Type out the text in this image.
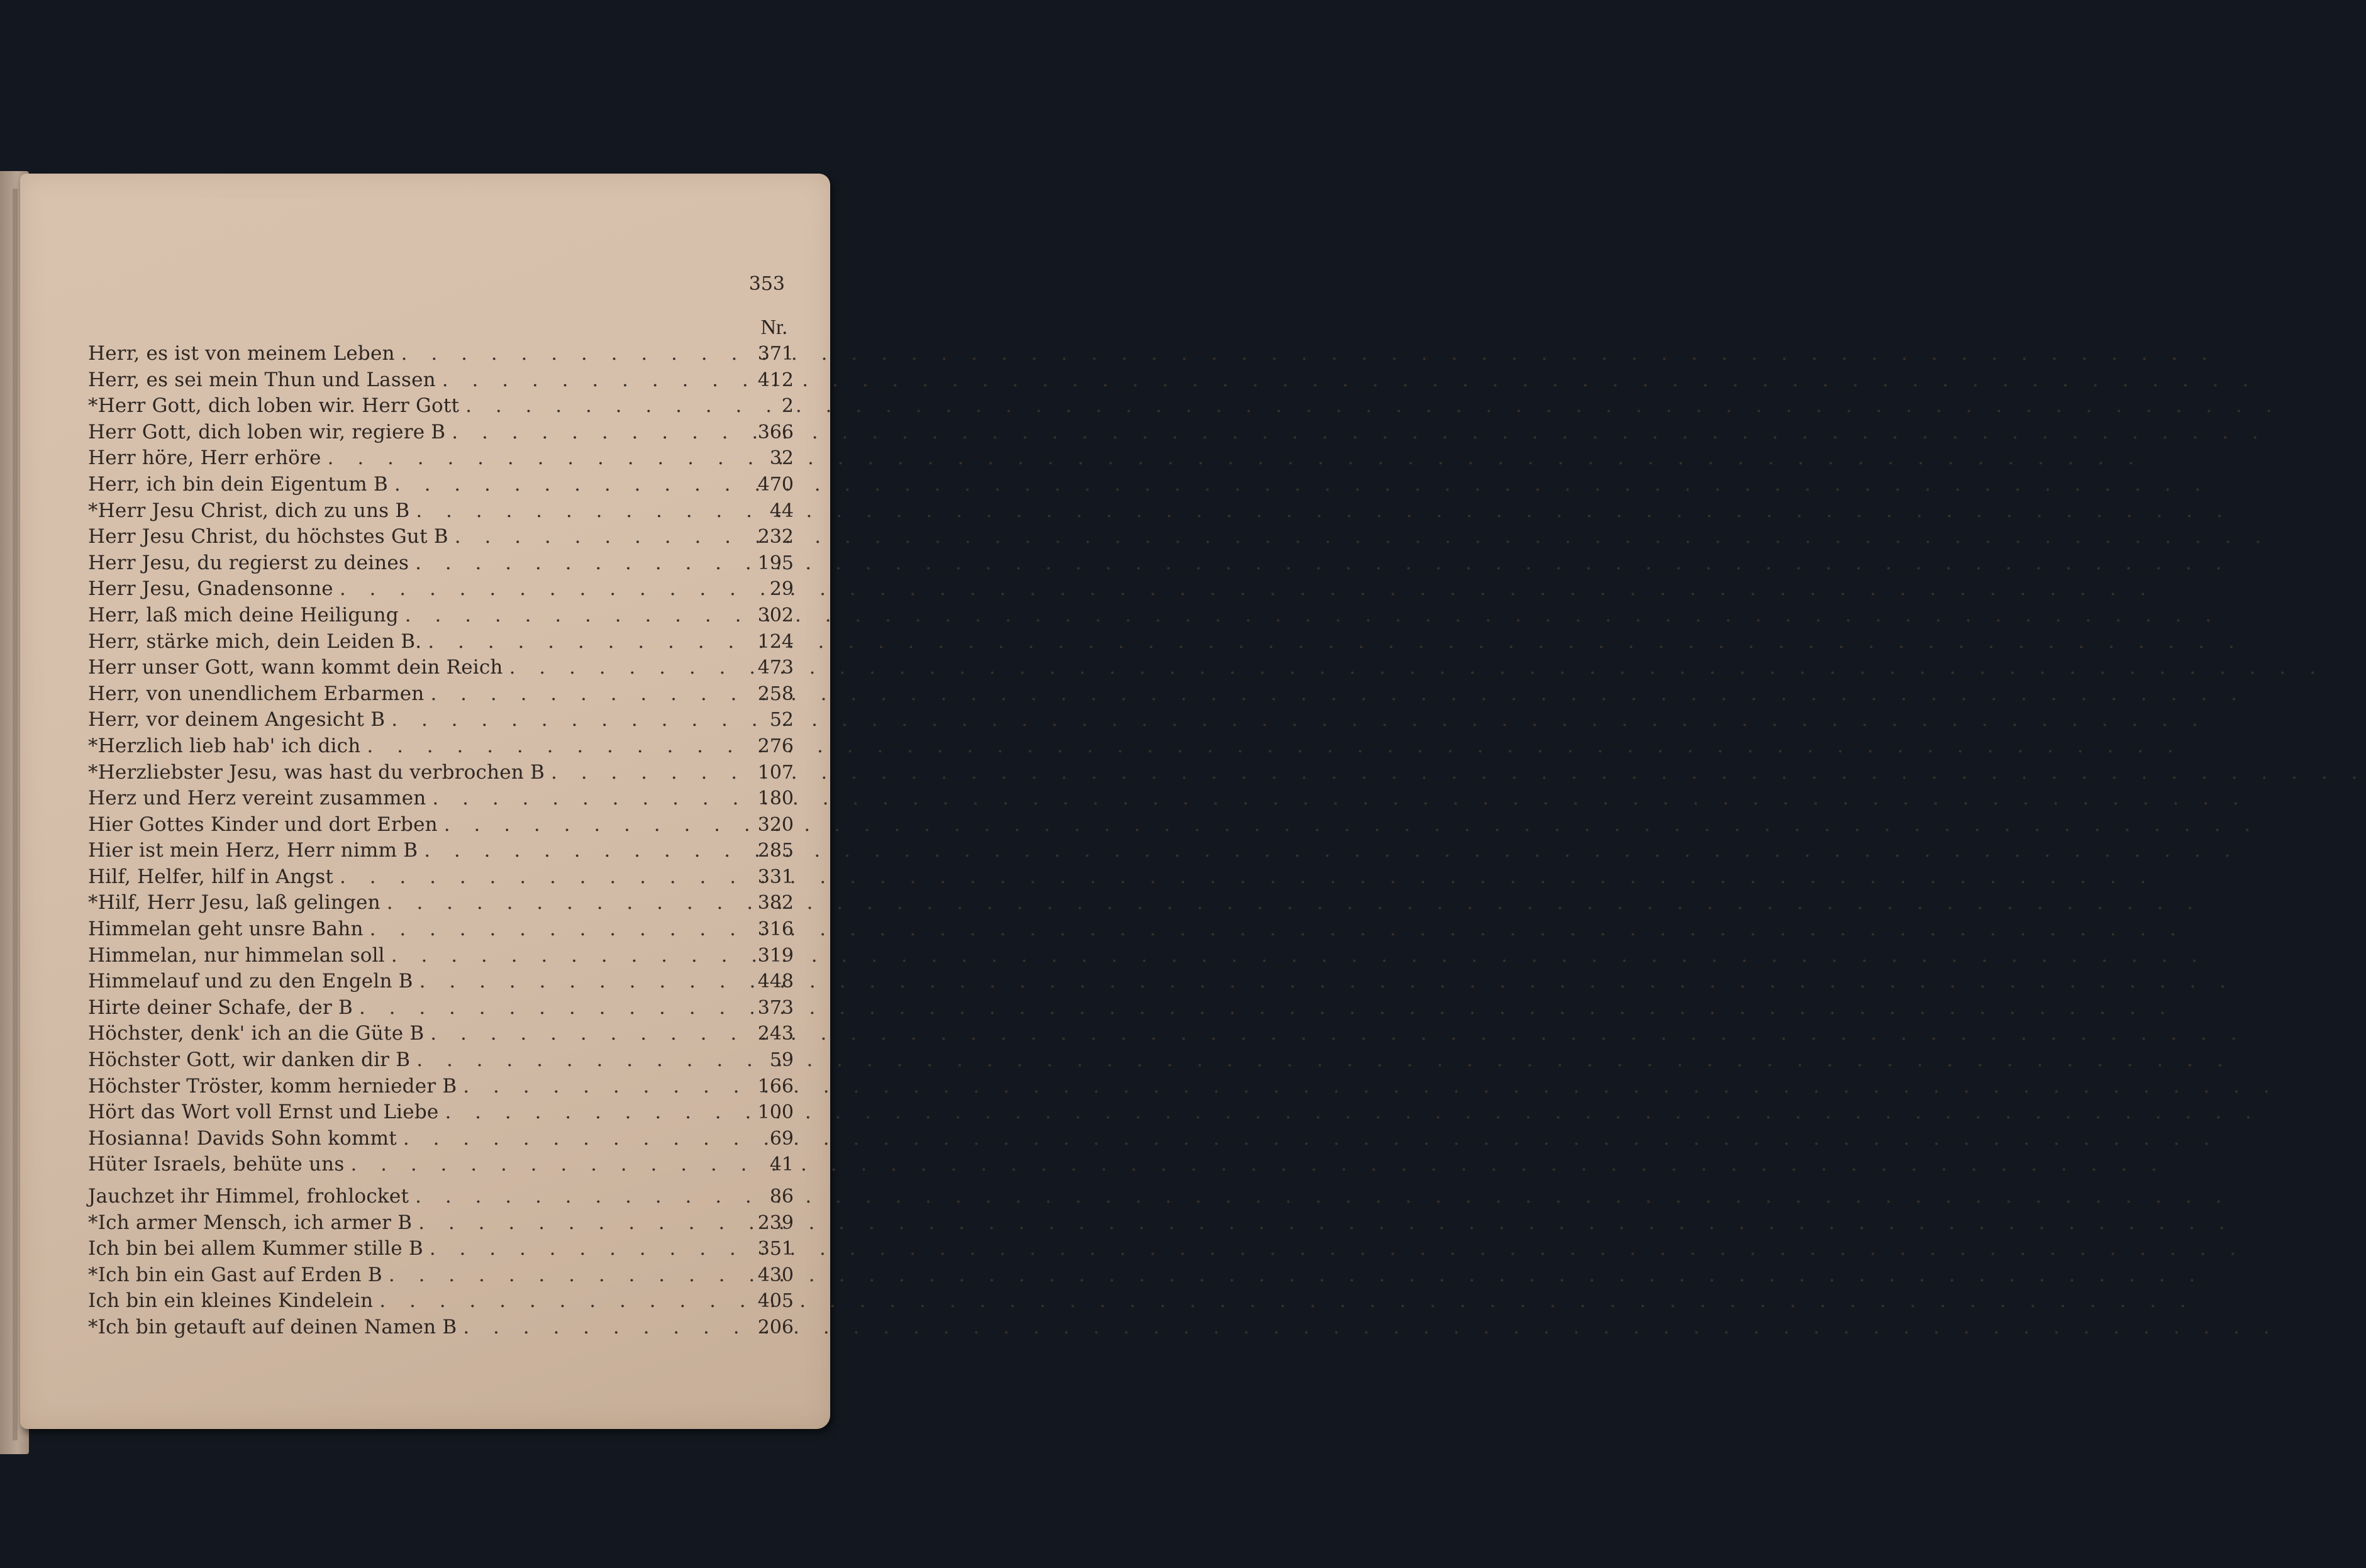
353
Nr.
Herr, es ist von meinem Leben . . .	371
Herr, es sei mein Thun und Lassen . . .	412
*Herr Gott, dich loben wir. Herr Gott . . .	2
Herr Gott, dich loben wir, regiere B . . .	366
Herr höre, Herr erhöre . . .	32
Herr, ich bin dein Eigentum B . . .	470
*Herr Jesu Christ, dich zu uns B . . .	44
Herr Jesu Christ, du höchstes Gut B . . .	232
Herr Jesu, du regierst zu deines . . .	195
Herr Jesu, Gnadensonne . . .	29
Herr, laß mich deine Heiligung . . .	302
Herr, stärke mich, dein Leiden B. . . .	124
Herr unser Gott, wann kommt dein Reich . . .	473
Herr, von unendlichem Erbarmen . . .	258
Herr, vor deinem Angesicht B . . .	52
*Herzlich lieb hab' ich dich . . .	276
*Herzliebster Jesu, was hast du verbrochen B . . .	107
Herz und Herz vereint zusammen . . .	180
Hier Gottes Kinder und dort Erben . . .	320
Hier ist mein Herz, Herr nimm B . . .	285
Hilf, Helfer, hilf in Angst . . .	331
*Hilf, Herr Jesu, laß gelingen . . .	382
Himmelan geht unsre Bahn . . .	316
Himmelan, nur himmelan soll . . .	319
Himmelauf und zu den Engeln B . . .	448
Hirte deiner Schafe, der B . . .	373
Höchster, denk' ich an die Güte B . . .	243
Höchster Gott, wir danken dir B . . .	59
Höchster Tröster, komm hernieder B . . .	166
Hört das Wort voll Ernst und Liebe . . .	100
Hosianna! Davids Sohn kommt . . .	69
Hüter Israels, behüte uns . . .	41
Jauchzet ihr Himmel, frohlocket . . .	86
*Ich armer Mensch, ich armer B . . .	239
Ich bin bei allem Kummer stille B . . .	351
*Ich bin ein Gast auf Erden B . . .	430
Ich bin ein kleines Kindelein . . .	405
*Ich bin getauft auf deinen Namen B . . .	206
